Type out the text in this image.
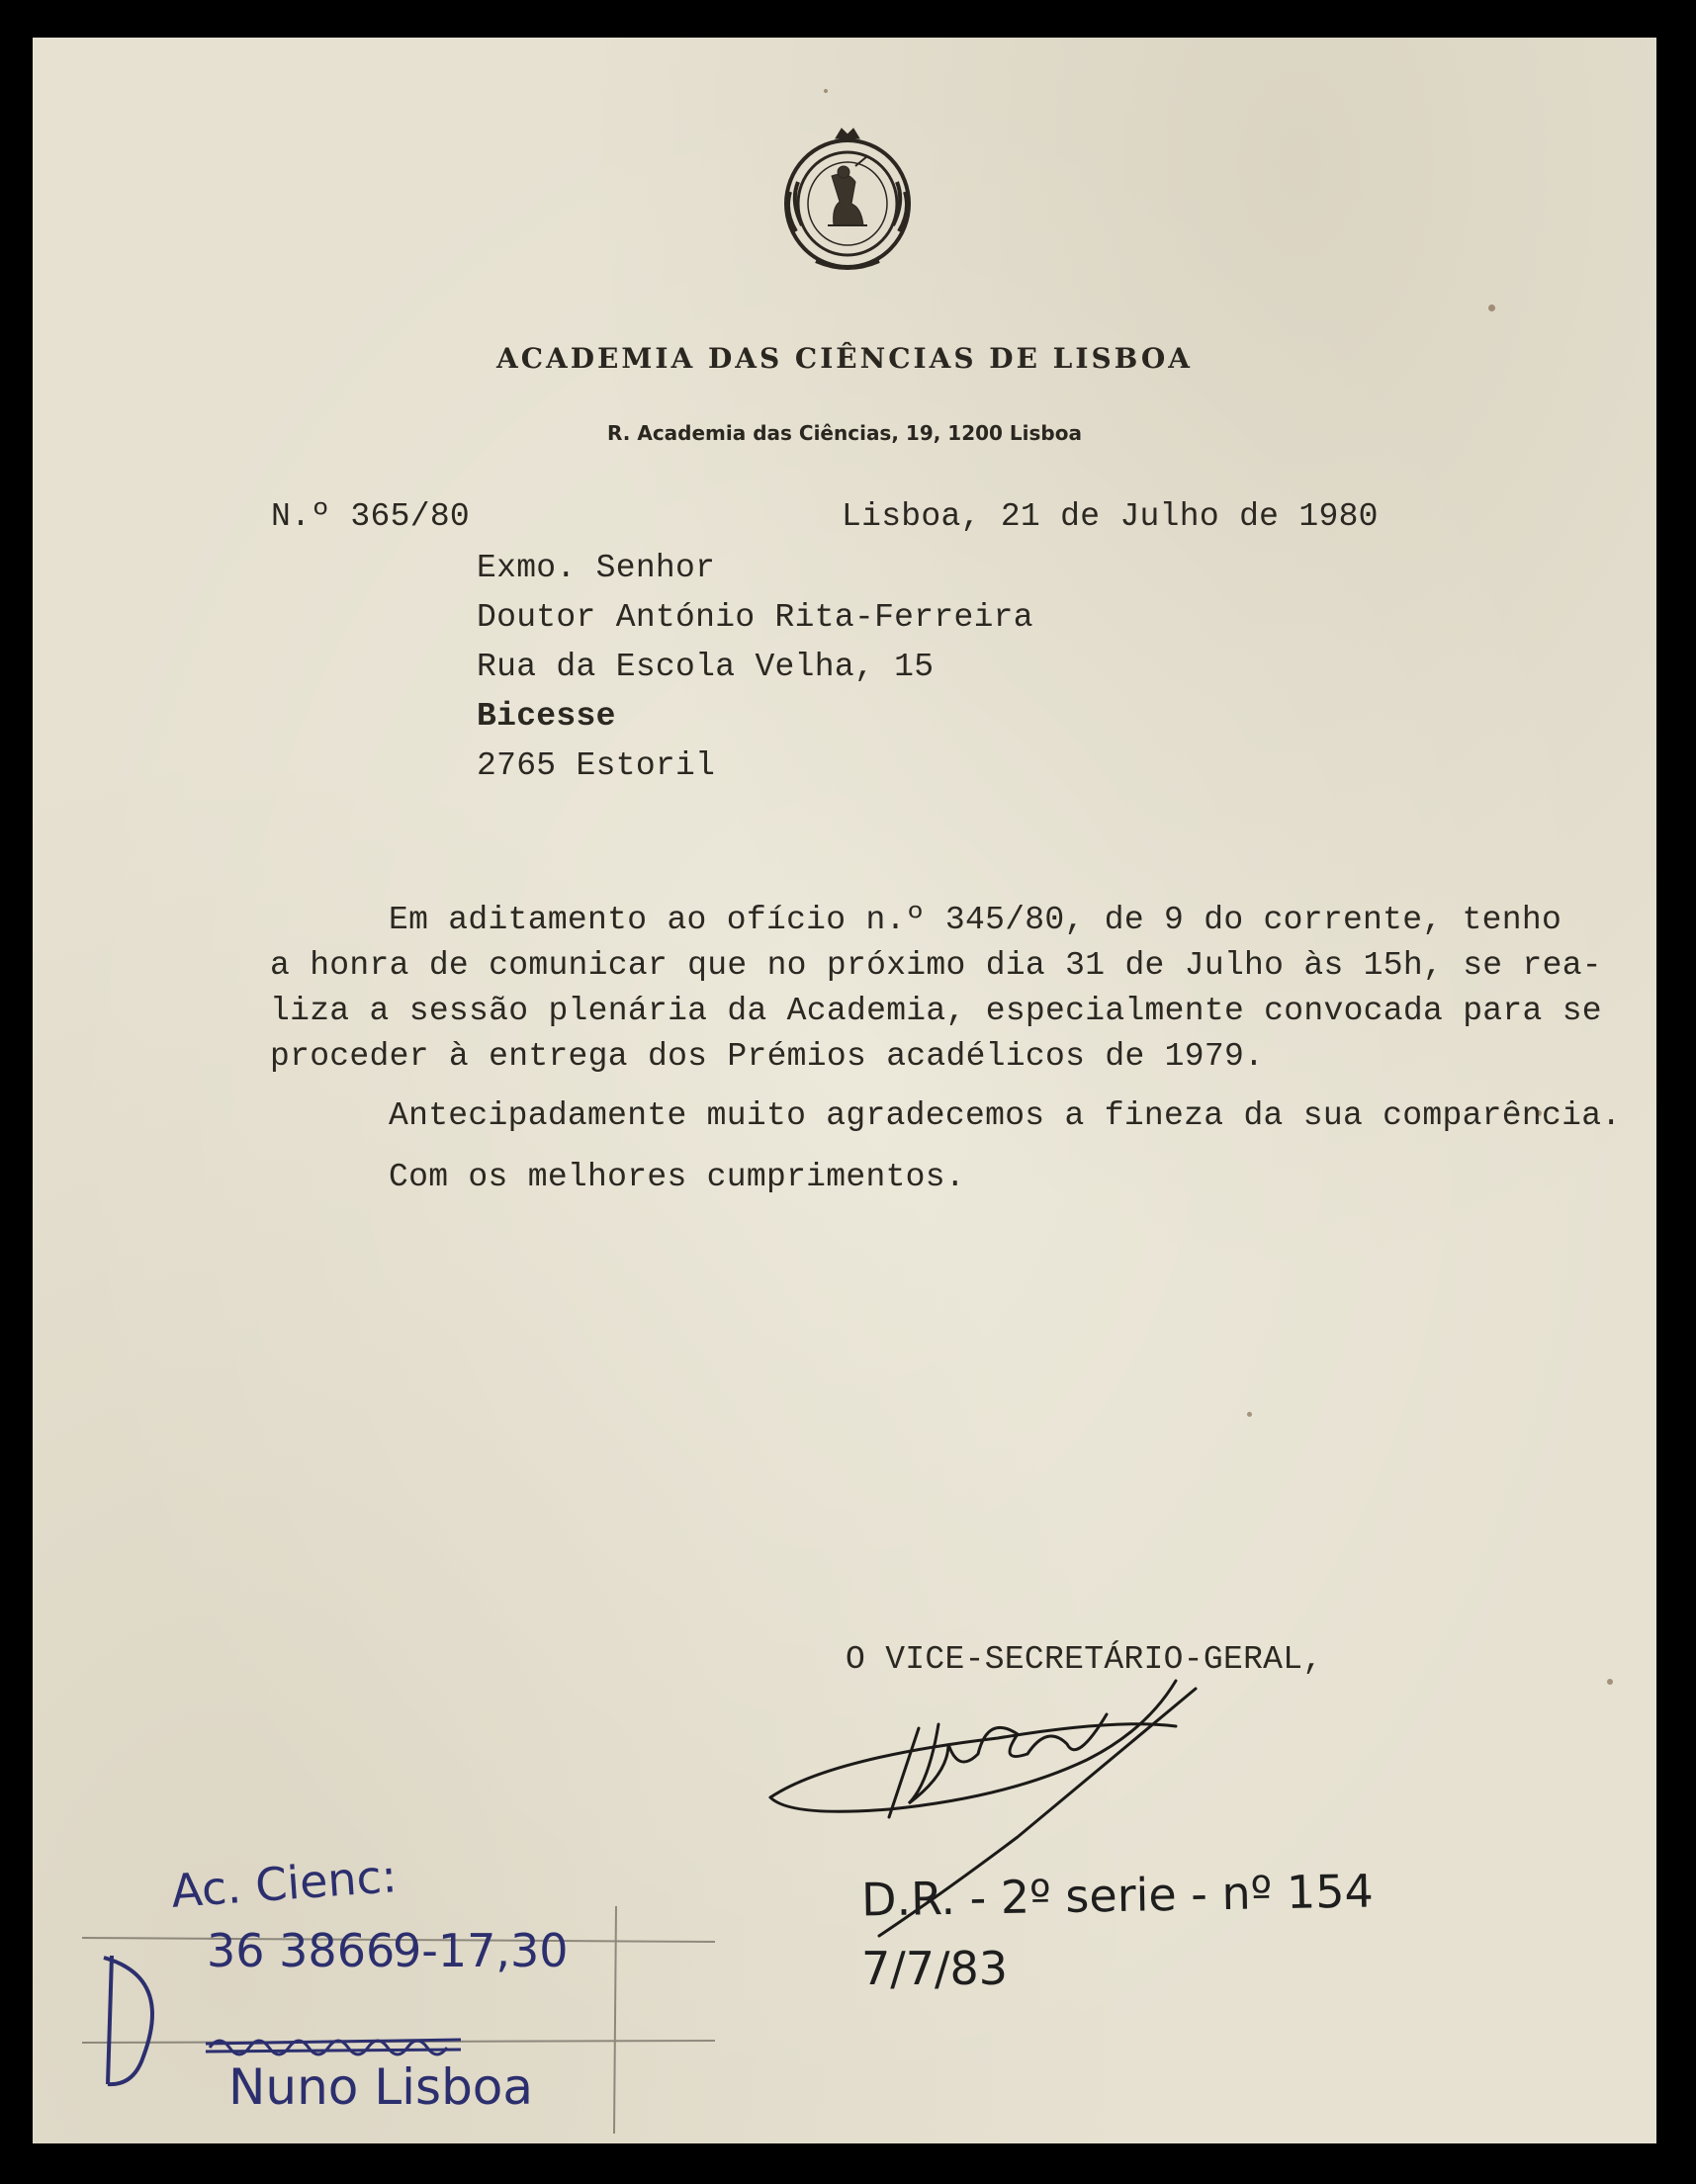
ACADEMIA DAS CIÊNCIAS DE LISBOA
R. Academia das Ciências, 19, 1200 Lisboa
N.º 365/80	Lisboa, 21 de Julho de 1980
Exmo. Senhor
Doutor António Rita-Ferreira
Rua da Escola Velha, 15
Bicesse
2765 Estoril
Em aditamento ao ofício n.º 345/80, de 9 do corrente, tenho
a honra de comunicar que no próximo dia 31 de Julho às 15h, se rea-
liza a sessão plenária da Academia, especialmente convocada para se
proceder à entrega dos Prémios acadélicos de 1979.
Antecipadamente muito agradecemos a fineza da sua comparência.
Com os melhores cumprimentos.
O VICE-SECRETÁRIO-GERAL,
Ac. Cienc:
36 3866
9-17,30
Nuno Lisboa
D.R. - 2º serie - nº 154
7/7/83
